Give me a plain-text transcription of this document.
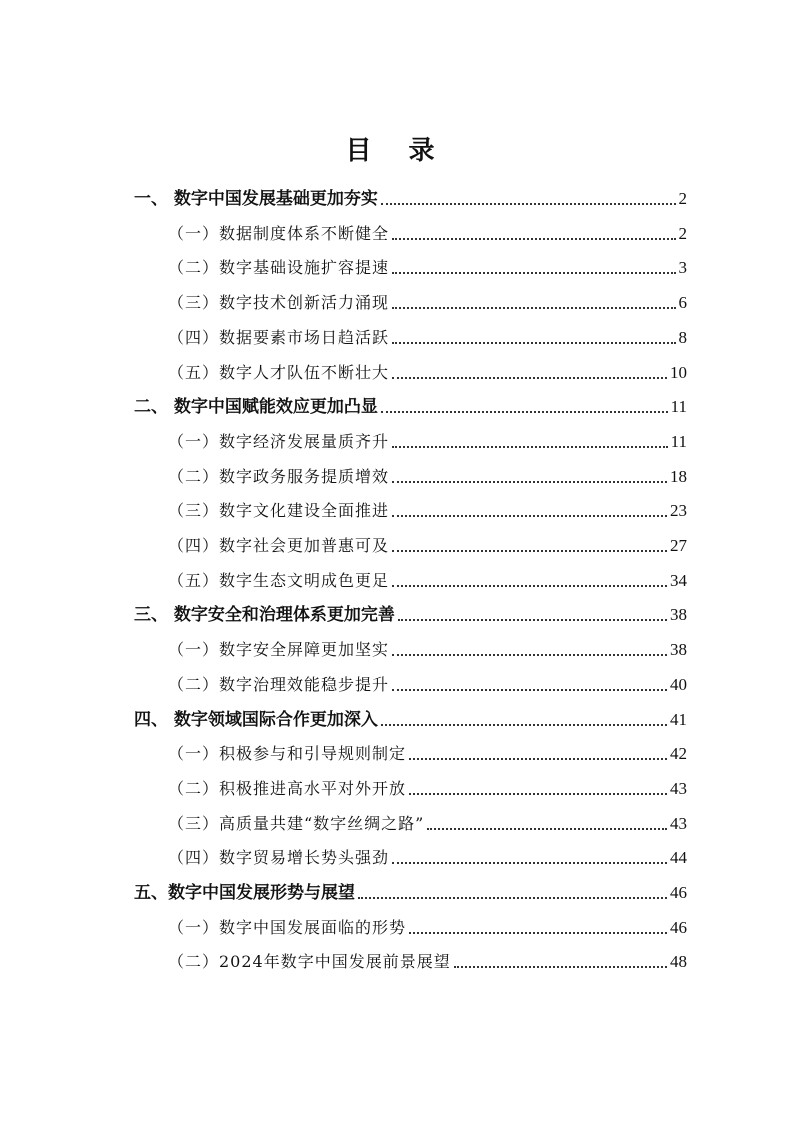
目 录
一、 数字中国发展基础更加夯实	2
（一）数据制度体系不断健全	2
（二）数字基础设施扩容提速	3
（三）数字技术创新活力涌现	6
（四）数据要素市场日趋活跃	8
（五）数字人才队伍不断壮大	10
二、 数字中国赋能效应更加凸显	11
（一）数字经济发展量质齐升	11
（二）数字政务服务提质增效	18
（三）数字文化建设全面推进	23
（四）数字社会更加普惠可及	27
（五）数字生态文明成色更足	34
三、 数字安全和治理体系更加完善	38
（一）数字安全屏障更加坚实	38
（二）数字治理效能稳步提升	40
四、 数字领域国际合作更加深入	41
（一）积极参与和引导规则制定	42
（二）积极推进高水平对外开放	43
（三）高质量共建“数字丝绸之路”	43
（四）数字贸易增长势头强劲	44
五、数字中国发展形势与展望	46
（一）数字中国发展面临的形势	46
（二）2024年数字中国发展前景展望	48
